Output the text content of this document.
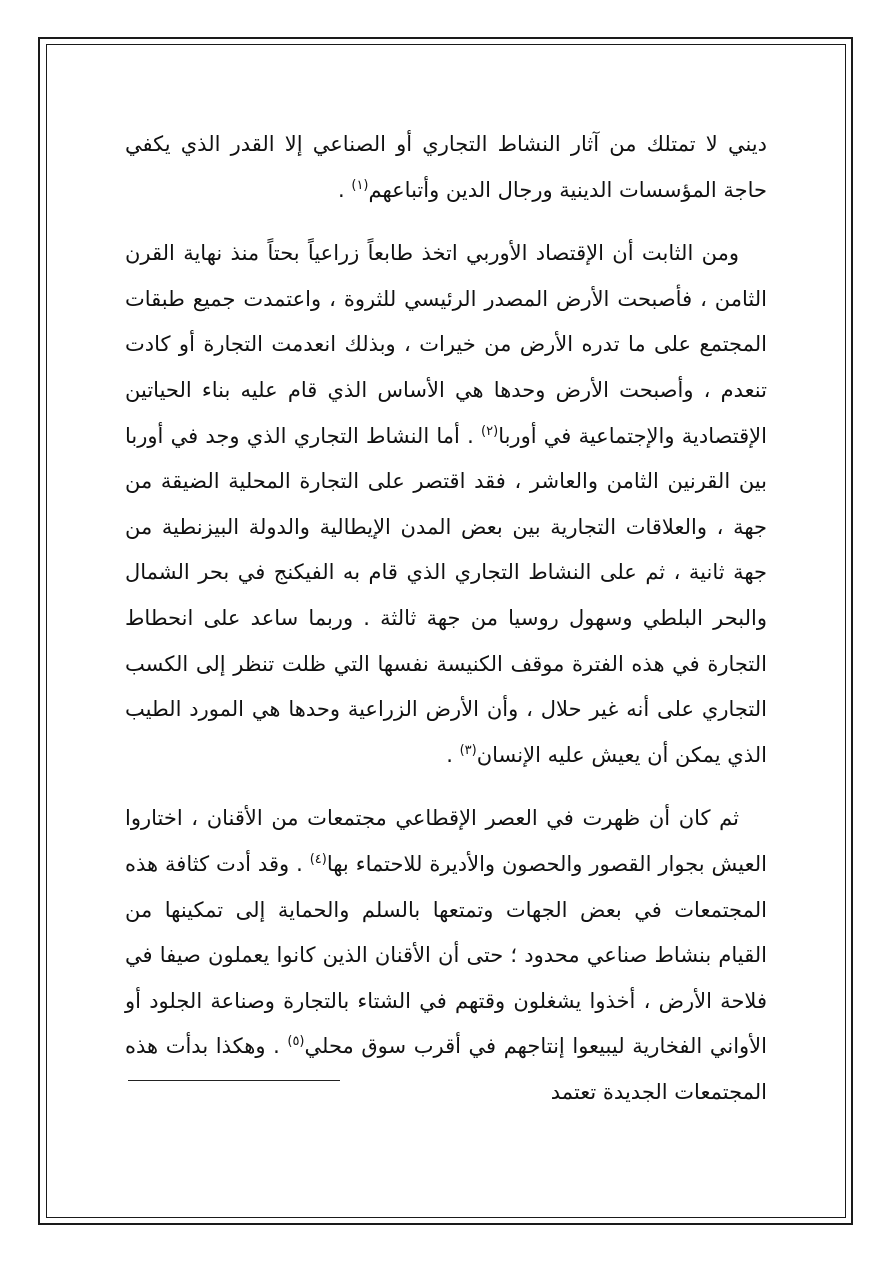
ديني لا تمتلك من آثار النشاط التجاري أو الصناعي إلا القدر الذي يكفي حاجة المؤسسات الدينية ورجال الدين وأتباعهم$^{(١)}$ .

ومن الثابت أن الإقتصاد الأوربي اتخذ طابعاً زراعياً بحتاً منذ نهاية القرن الثامن ، فأصبحت الأرض المصدر الرئيسي للثروة ، واعتمدت جميع طبقات المجتمع على ما تدره الأرض من خيرات ، وبذلك انعدمت التجارة أو كادت تنعدم ، وأصبحت الأرض وحدها هي الأساس الذي قام عليه بناء الحياتين الإقتصادية والإجتماعية في أوربا$^{(٢)}$ . أما النشاط التجاري الذي وجد في أوربا بين القرنين الثامن والعاشر ، فقد اقتصر على التجارة المحلية الضيقة من جهة ، والعلاقات التجارية بين بعض المدن الإيطالية والدولة البيزنطية من جهة ثانية ، ثم على النشاط التجاري الذي قام به الفيكنج في بحر الشمال والبحر البلطي وسهول روسيا من جهة ثالثة . وربما ساعد على انحطاط التجارة في هذه الفترة موقف الكنيسة نفسها التي ظلت تنظر إلى الكسب التجاري على أنه غير حلال ، وأن الأرض الزراعية وحدها هي المورد الطيب الذي يمكن أن يعيش عليه الإنسان$^{(٣)}$ .

ثم كان أن ظهرت في العصر الإقطاعي مجتمعات من الأقنان ، اختاروا العيش بجوار القصور والحصون والأديرة للاحتماء بها$^{(٤)}$ . وقد أدت كثافة هذه المجتمعات في بعض الجهات وتمتعها بالسلم والحماية إلى تمكينها من القيام بنشاط صناعي محدود ؛ حتى أن الأقنان الذين كانوا يعملون صيفا في فلاحة الأرض ، أخذوا يشغلون وقتهم في الشتاء بالتجارة وصناعة الجلود أو الأواني الفخارية ليبيعوا إنتاجهم في أقرب سوق محلي$^{(٥)}$ . وهكذا بدأت هذه المجتمعات الجديدة تعتمد
